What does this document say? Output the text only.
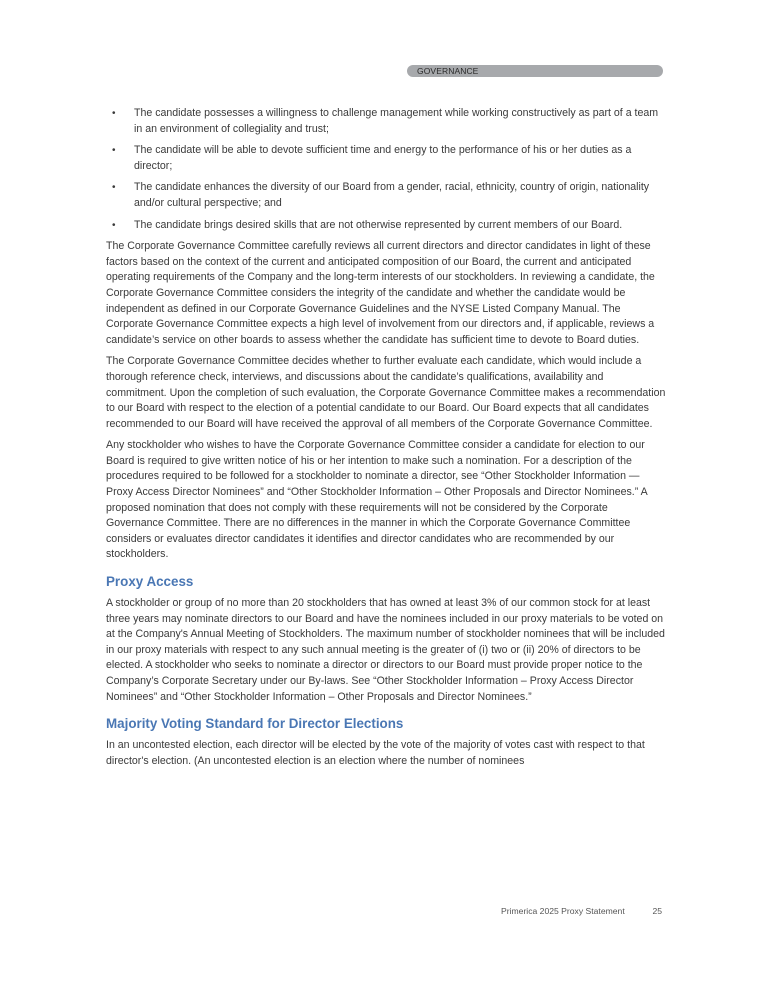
GOVERNANCE
• The candidate possesses a willingness to challenge management while working constructively as part of a team in an environment of collegiality and trust;
• The candidate will be able to devote sufficient time and energy to the performance of his or her duties as a director;
• The candidate enhances the diversity of our Board from a gender, racial, ethnicity, country of origin, nationality and/or cultural perspective; and
• The candidate brings desired skills that are not otherwise represented by current members of our Board.

The Corporate Governance Committee carefully reviews all current directors and director candidates in light of these factors based on the context of the current and anticipated composition of our Board, the current and anticipated operating requirements of the Company and the long-term interests of our stockholders. In reviewing a candidate, the Corporate Governance Committee considers the integrity of the candidate and whether the candidate would be independent as defined in our Corporate Governance Guidelines and the NYSE Listed Company Manual. The Corporate Governance Committee expects a high level of involvement from our directors and, if applicable, reviews a candidate’s service on other boards to assess whether the candidate has sufficient time to devote to Board duties.

The Corporate Governance Committee decides whether to further evaluate each candidate, which would include a thorough reference check, interviews, and discussions about the candidate’s qualifications, availability and commitment. Upon the completion of such evaluation, the Corporate Governance Committee makes a recommendation to our Board with respect to the election of a potential candidate to our Board. Our Board expects that all candidates recommended to our Board will have received the approval of all members of the Corporate Governance Committee.

Any stockholder who wishes to have the Corporate Governance Committee consider a candidate for election to our Board is required to give written notice of his or her intention to make such a nomination. For a description of the procedures required to be followed for a stockholder to nominate a director, see “Other Stockholder Information — Proxy Access Director Nominees” and “Other Stockholder Information – Other Proposals and Director Nominees.” A proposed nomination that does not comply with these requirements will not be considered by the Corporate Governance Committee. There are no differences in the manner in which the Corporate Governance Committee considers or evaluates director candidates it identifies and director candidates who are recommended by our stockholders.

Proxy Access

A stockholder or group of no more than 20 stockholders that has owned at least 3% of our common stock for at least three years may nominate directors to our Board and have the nominees included in our proxy materials to be voted on at the Company's Annual Meeting of Stockholders. The maximum number of stockholder nominees that will be included in our proxy materials with respect to any such annual meeting is the greater of (i) two or (ii) 20% of directors to be elected. A stockholder who seeks to nominate a director or directors to our Board must provide proper notice to the Company’s Corporate Secretary under our By-laws. See “Other Stockholder Information – Proxy Access Director Nominees” and “Other Stockholder Information – Other Proposals and Director Nominees.”

Majority Voting Standard for Director Elections

In an uncontested election, each director will be elected by the vote of the majority of votes cast with respect to that director's election. (An uncontested election is an election where the number of nominees

Primerica 2025 Proxy Statement	25
